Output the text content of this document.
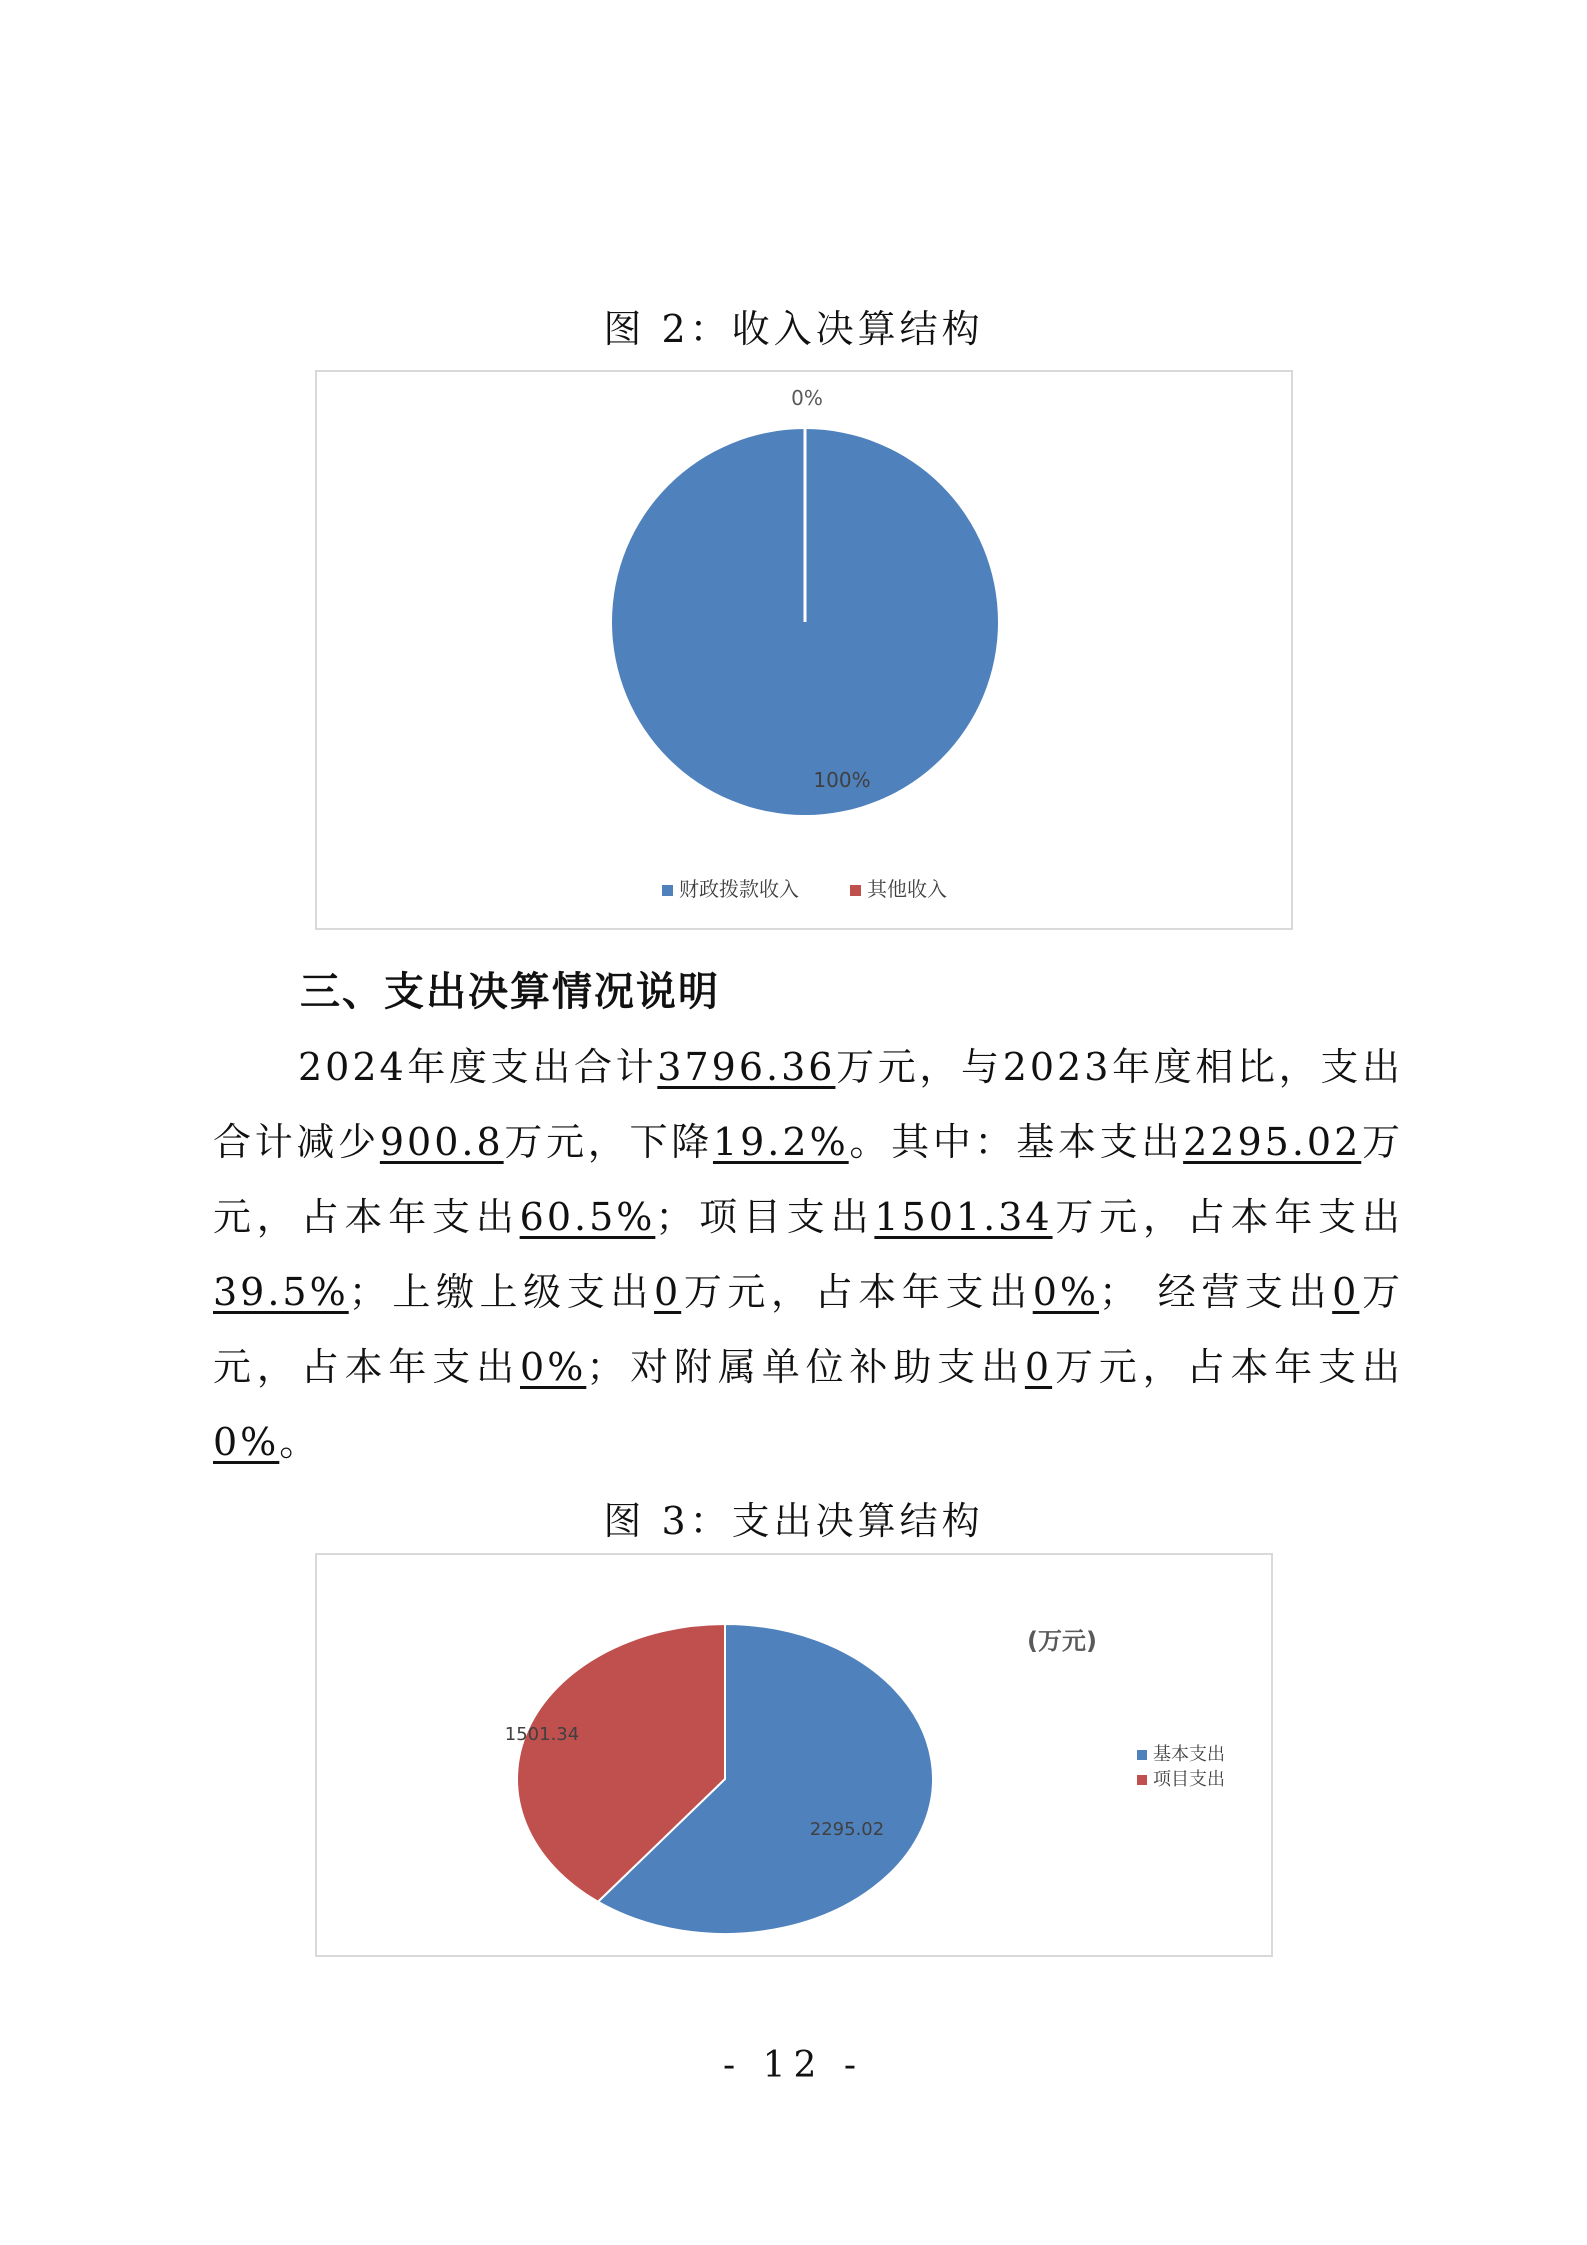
图 2：收入决算结构
100%
0%
财政拨款收入	其他收入
三、支出决算情况说明

2024年度支出合计3796.36万元，与2023年度相比，支出合计减少900.8万元，下降19.2%。其中：基本支出2295.02万元，占本年支出60.5%；项目支出1501.34万元，占本年支出39.5%；上缴上级支出0万元，占本年支出0%； 经营支出0万元，占本年支出0%；对附属单位补助支出0万元，占本年支出0%。

图 3：支出决算结构
2295.02
1501.34
(万元)
基本支出
项目支出
- 12 -
